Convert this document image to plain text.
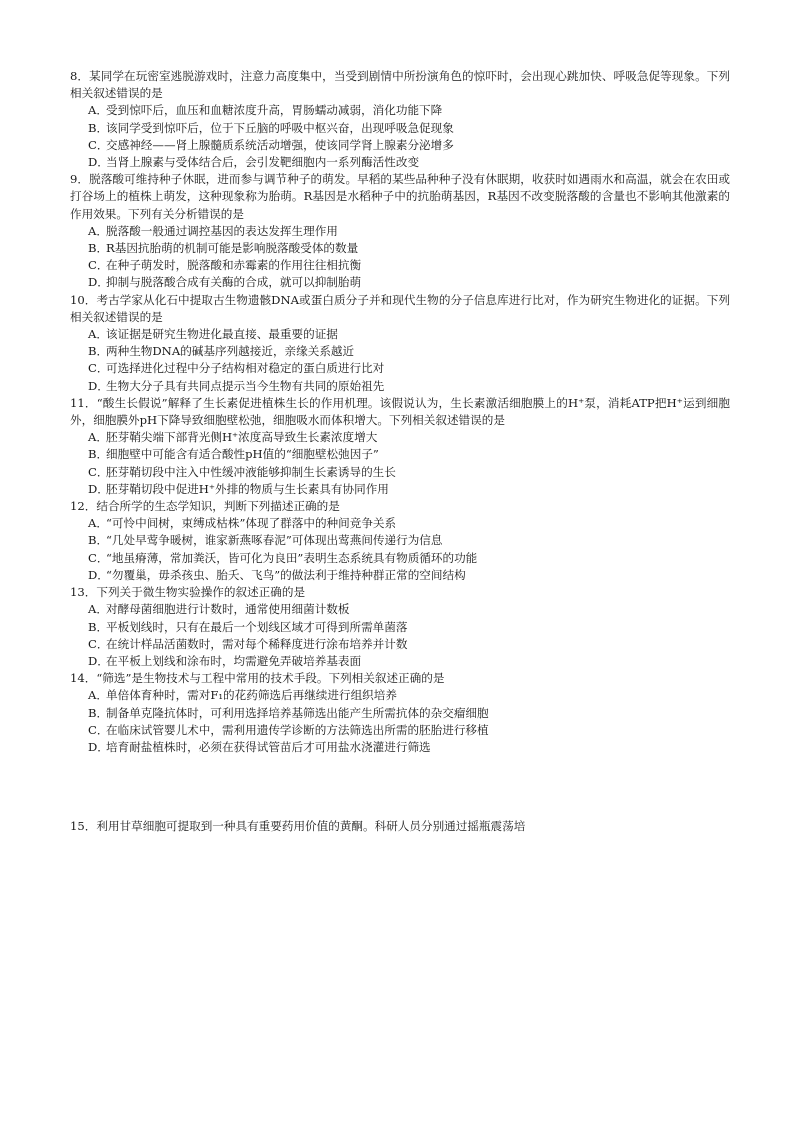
8．某同学在玩密室逃脱游戏时，注意力高度集中，当受到剧情中所扮演角色的惊吓时，会出现心跳加快、呼吸急促等现象。下列相关叙述错误的是

A．受到惊吓后，血压和血糖浓度升高，胃肠蠕动减弱，消化功能下降
B．该同学受到惊吓后，位于下丘脑的呼吸中枢兴奋，出现呼吸急促现象
C．交感神经——肾上腺髓质系统活动增强，使该同学肾上腺素分泌增多
D．当肾上腺素与受体结合后，会引发靶细胞内一系列酶活性改变

9．脱落酸可维持种子休眠，进而参与调节种子的萌发。早稻的某些品种种子没有休眠期，收获时如遇雨水和高温，就会在农田或打谷场上的植株上萌发，这种现象称为胎萌。R基因是水稻种子中的抗胎萌基因，R基因不改变脱落酸的含量也不影响其他激素的作用效果。下列有关分析错误的是

A．脱落酸一般通过调控基因的表达发挥生理作用
B．R基因抗胎萌的机制可能是影响脱落酸受体的数量
C．在种子萌发时，脱落酸和赤霉素的作用往往相抗衡
D．抑制与脱落酸合成有关酶的合成，就可以抑制胎萌

10．考古学家从化石中提取古生物遗骸DNA或蛋白质分子并和现代生物的分子信息库进行比对，作为研究生物进化的证据。下列相关叙述错误的是

A．该证据是研究生物进化最直接、最重要的证据
B．两种生物DNA的碱基序列越接近，亲缘关系越近
C．可选择进化过程中分子结构相对稳定的蛋白质进行比对
D．生物大分子具有共同点提示当今生物有共同的原始祖先

11．“酸生长假说”解释了生长素促进植株生长的作用机理。该假说认为，生长素激活细胞膜上的H⁺泵，消耗ATP把H⁺运到细胞外，细胞膜外pH下降导致细胞壁松弛，细胞吸水而体积增大。下列相关叙述错误的是

A．胚芽鞘尖端下部背光侧H⁺浓度高导致生长素浓度增大
B．细胞壁中可能含有适合酸性pH值的“细胞壁松弛因子”
C．胚芽鞘切段中注入中性缓冲液能够抑制生长素诱导的生长
D．胚芽鞘切段中促进H⁺外排的物质与生长素具有协同作用

12．结合所学的生态学知识，判断下列描述正确的是

A．“可怜中间树，束缚成枯株”体现了群落中的种间竞争关系
B．“几处早莺争暖树，谁家新燕啄春泥”可体现出莺燕间传递行为信息
C．“地虽瘠薄，常加粪沃，皆可化为良田”表明生态系统具有物质循环的功能
D．“勿覆巢，毋杀孩虫、胎夭、飞鸟”的做法利于维持种群正常的空间结构

13．下列关于微生物实验操作的叙述正确的是

A．对酵母菌细胞进行计数时，通常使用细菌计数板
B．平板划线时，只有在最后一个划线区域才可得到所需单菌落
C．在统计样品活菌数时，需对每个稀释度进行涂布培养并计数
D．在平板上划线和涂布时，均需避免弄破培养基表面

14．“筛选”是生物技术与工程中常用的技术手段。下列相关叙述正确的是

A．单倍体育种时，需对F₁的花药筛选后再继续进行组织培养
B．制备单克隆抗体时，可利用选择培养基筛选出能产生所需抗体的杂交瘤细胞
C．在临床试管婴儿术中，需利用遗传学诊断的方法筛选出所需的胚胎进行移植
D．培育耐盐植株时，必须在获得试管苗后才可用盐水浇灌进行筛选

15．利用甘草细胞可提取到一种具有重要药用价值的黄酮。科研人员分别通过摇瓶震荡培
